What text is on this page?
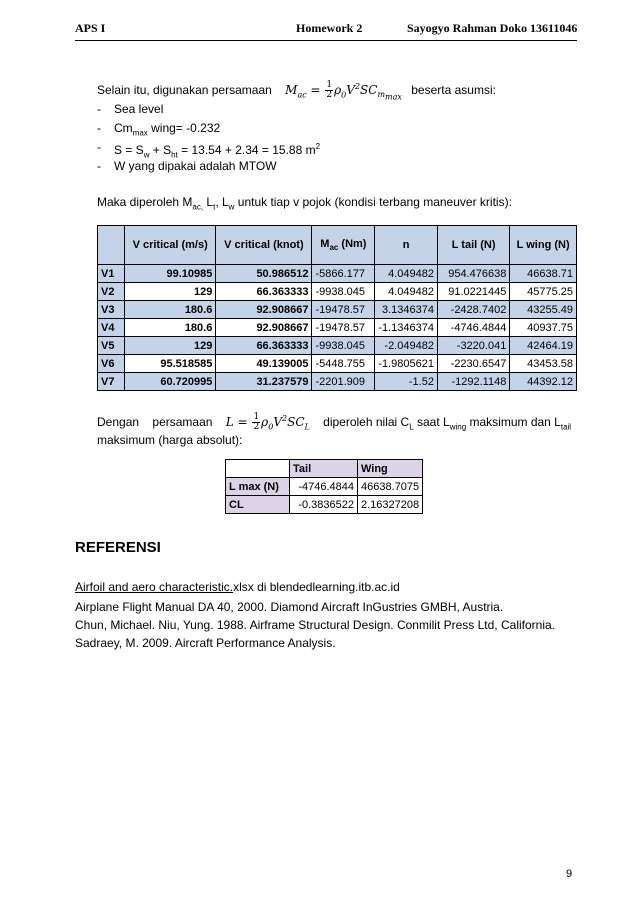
APS I	Homework 2	Sayogyo Rahman Doko 13611046
Selain itu, digunakan persamaan $M_{ac} = \frac{1}{2} \rho_0V^2SC_{m_{max}}$ beserta asumsi:
- Sea level
- $Cm_{max}$ wing= -0.232
- $S = S_w + S_{ht} = 13.54 + 2.34 = 15.88$ $m^2$
- W yang dipakai adalah MTOW
Maka diperoleh $M_{ac,}$ $L_t$, $L_w$ untuk tiap v pojok (kondisi terbang maneuver kritis):
	V critical (m/s)	V critical (knot)	$M_{ac}$ (Nm)	n	L tail (N)	L wing (N)
V1	99.10985	50.986512	-5866.177	4.049482	954.476638	46638.71
V2	129	66.363333	-9938.045	4.049482	91.0221445	45775.25
V3	180.6	92.908667	-19478.57	3.1346374	-2428.7402	43255.49
V4	180.6	92.908667	-19478.57	-1.1346374	-4746.4844	40937.75
V5	129	66.363333	-9938.045	-2.049482	-3220.041	42464.19
V6	95.518585	49.139005	-5448.755	-1.9805621	-2230.6547	43453.58
V7	60.720995	31.237579	-2201.909	-1.52	-1292.1148	44392.12
Dengan persamaan $L = \frac{1}{2} \rho_0V^2SC_L$ diperoleh nilai $C_L$ saat $L_{wing}$ maksimum dan $L_{tail}$
maksimum (harga absolut):
	Tail	Wing
L max (N)	-4746.4844	46638.7075
CL	-0.3836522	2.16327208
REFERENSI
Airfoil and aero characteristic.xlsx di blendedlearning.itb.ac.id
Airplane Flight Manual DA 40, 2000. Diamond Aircraft InGustries GMBH, Austria.
Chun, Michael. Niu, Yung. 1988. Airframe Structural Design. Conmilit Press Ltd, California.
Sadraey, M. 2009. Aircraft Performance Analysis.
9
